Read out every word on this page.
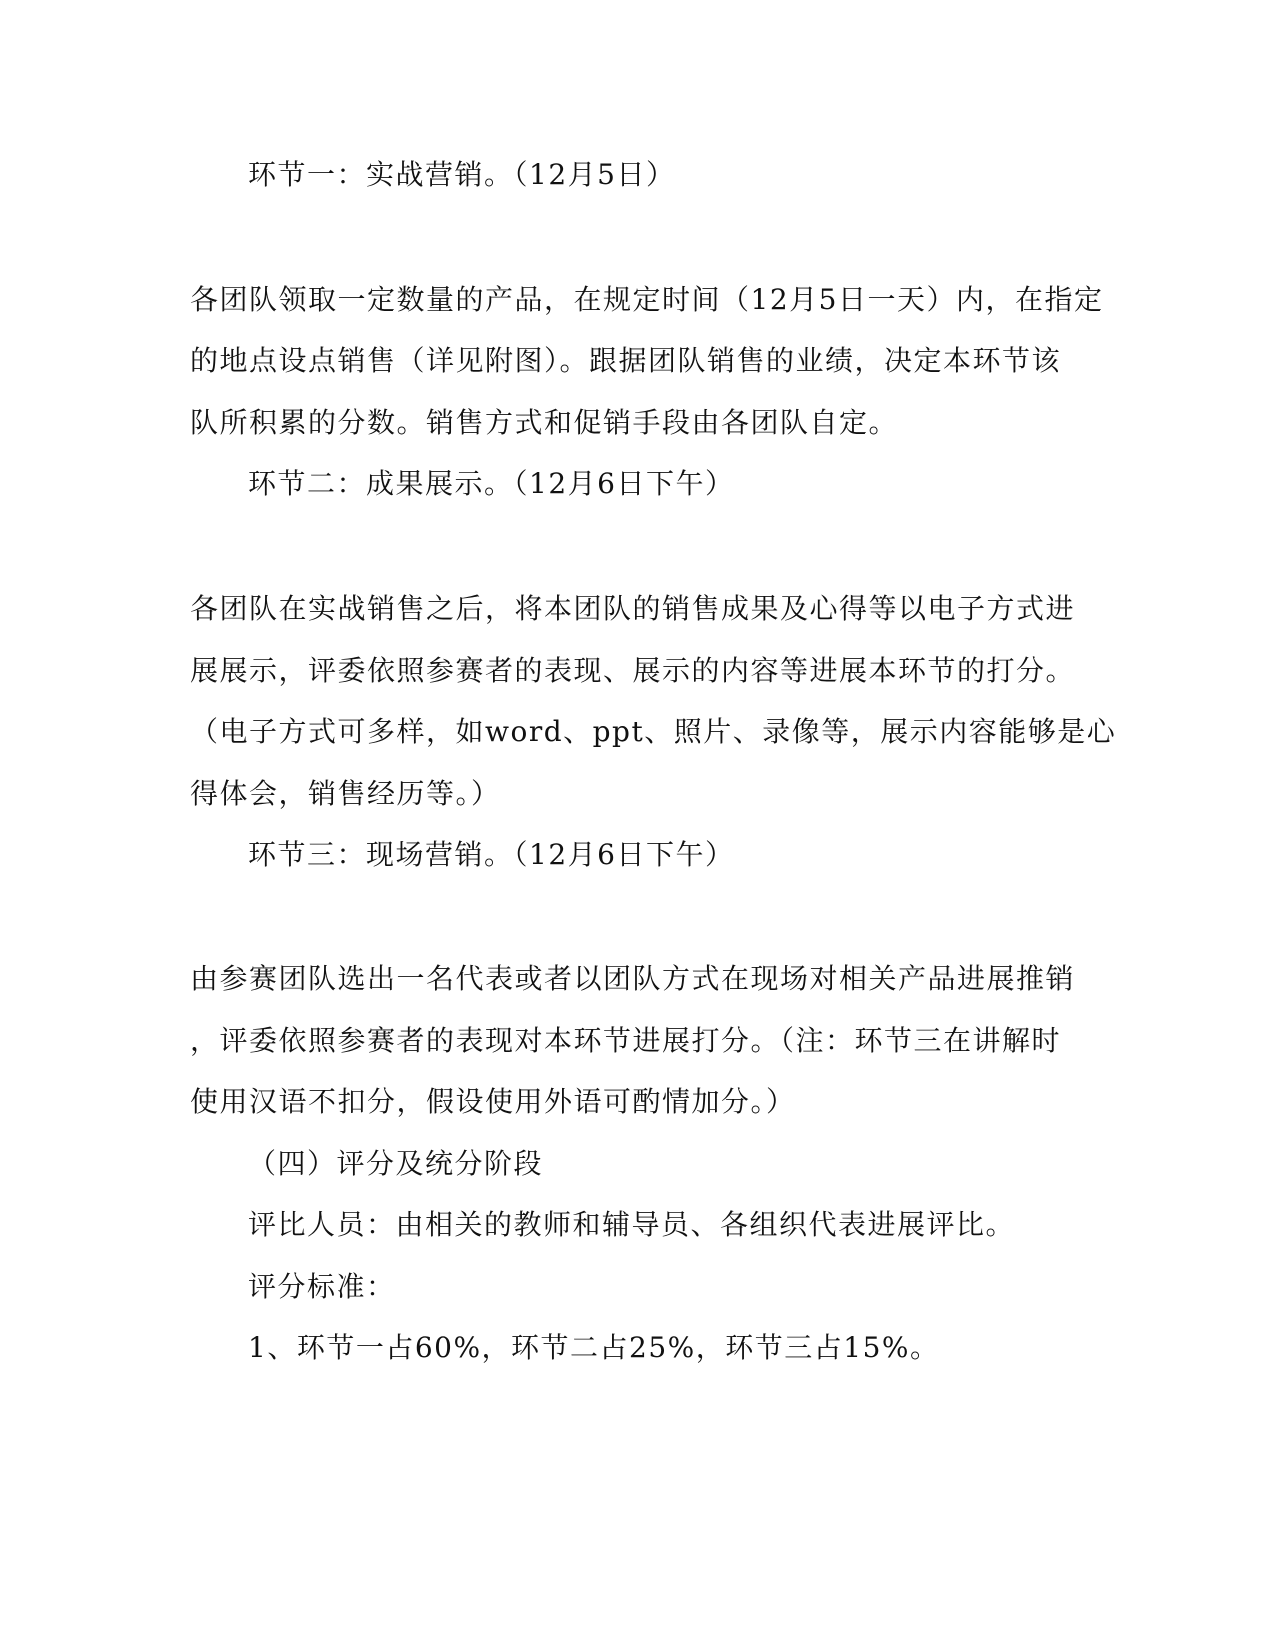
环节一：实战营销。（12月5日）
各团队领取一定数量的产品，在规定时间（12月5日一天）内，在指定
的地点设点销售（详见附图）。跟据团队销售的业绩，决定本环节该
队所积累的分数。销售方式和促销手段由各团队自定。
环节二：成果展示。（12月6日下午）
各团队在实战销售之后，将本团队的销售成果及心得等以电子方式进
展展示，评委依照参赛者的表现、展示的内容等进展本环节的打分。
（电子方式可多样，如word、ppt、照片、录像等，展示内容能够是心
得体会，销售经历等。）
环节三：现场营销。（12月6日下午）
由参赛团队选出一名代表或者以团队方式在现场对相关产品进展推销
，评委依照参赛者的表现对本环节进展打分。（注：环节三在讲解时
使用汉语不扣分，假设使用外语可酌情加分。）
（四）评分及统分阶段
评比人员：由相关的教师和辅导员、各组织代表进展评比。
评分标准：
1、环节一占60%，环节二占25%，环节三占15%。
